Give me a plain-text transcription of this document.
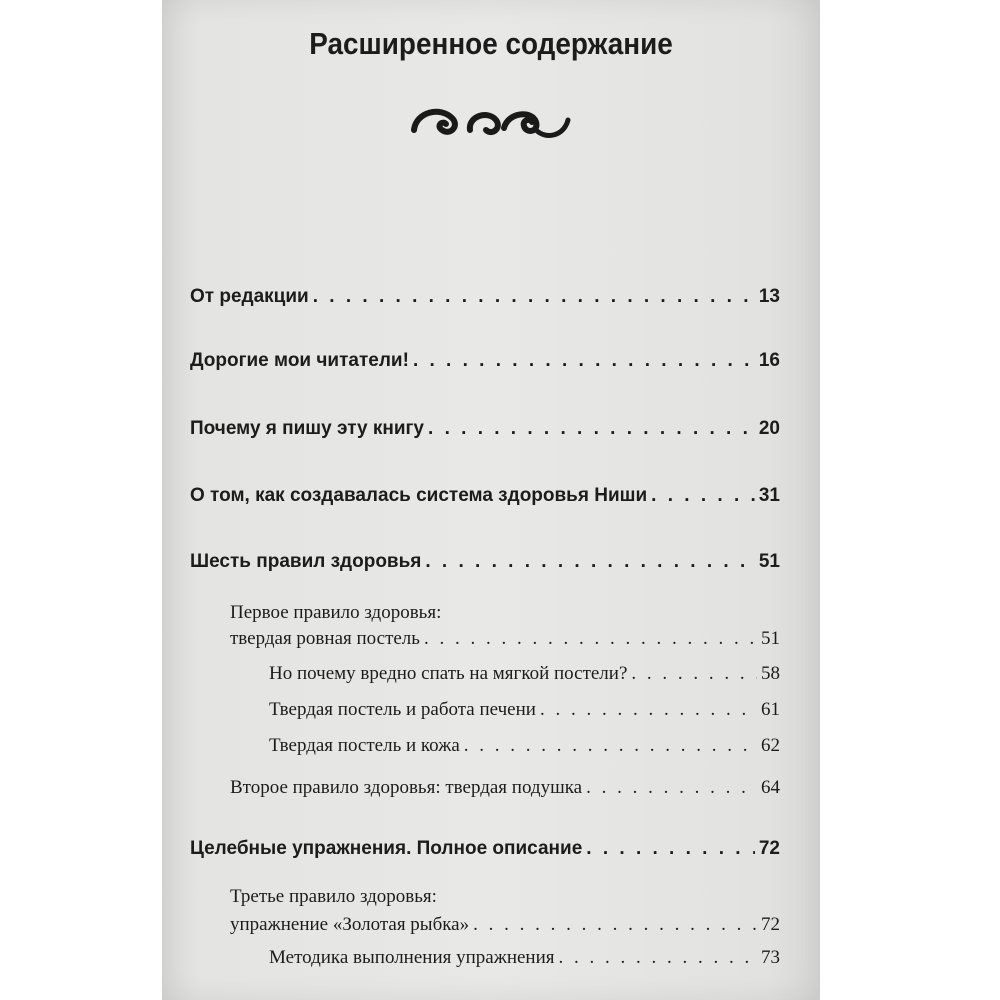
Расширенное содержание
От редакции . . .	13
Дорогие мои читатели! . . .	16
Почему я пишу эту книгу . . .	20
О том, как создавалась система здоровья Ниши . . .	31
Шесть правил здоровья . . .	51
Первое правило здоровья:
твердая ровная постель . . .	51
Но почему вредно спать на мягкой постели? . . .	58
Твердая постель и работа печени . . .	61
Твердая постель и кожа . . .	62
Второе правило здоровья: твердая подушка . . .	64
Целебные упражнения. Полное описание . . .	72
Третье правило здоровья:
упражнение «Золотая рыбка» . . .	72
Методика выполнения упражнения . . .	73
